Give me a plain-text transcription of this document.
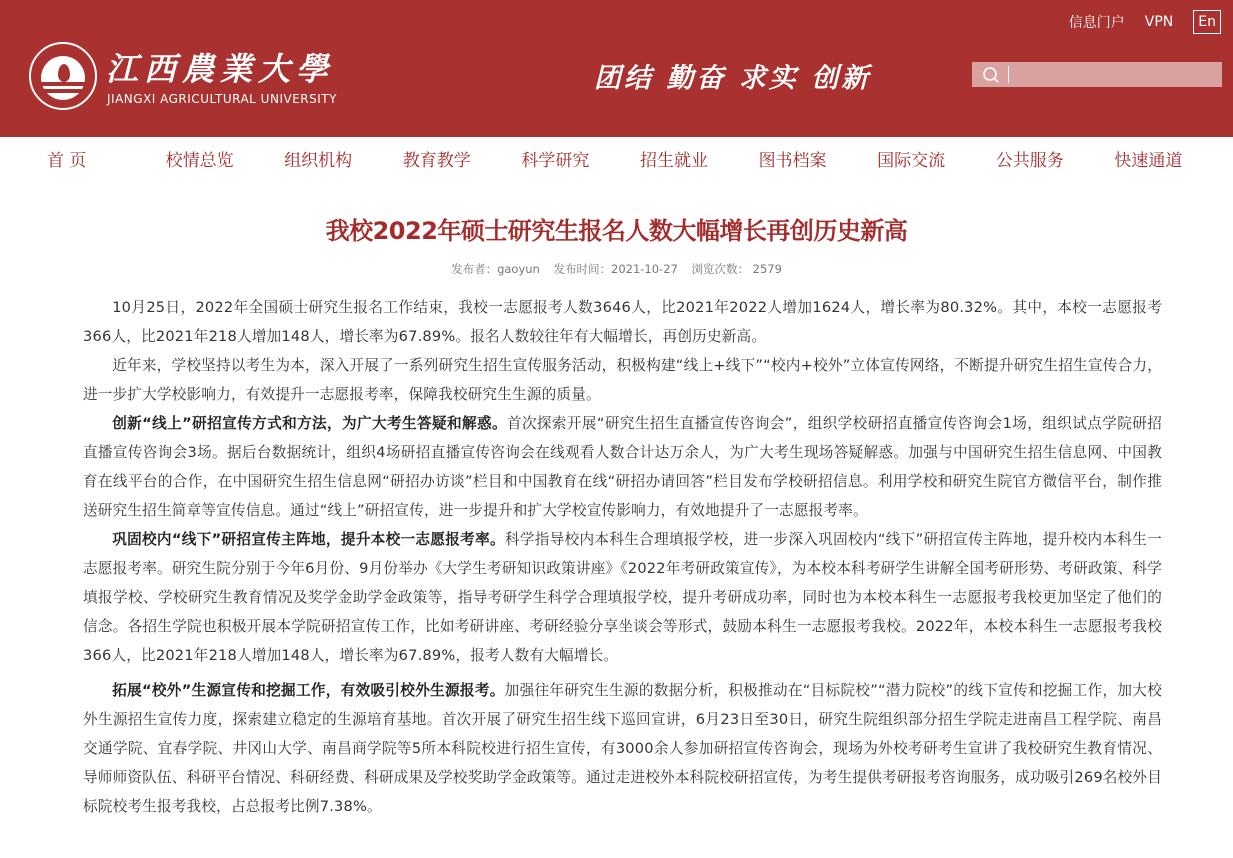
江西農業大學
JIANGXI AGRICULTURAL UNIVERSITY
团结 勤奋 求实 创新
信息门户 VPN	En
首 页	校情总览	组织机构	教育教学	科学研究	招生就业	图书档案	国际交流	公共服务	快速通道
我校2022年硕士研究生报名人数大幅增长再创历史新高
发布者：gaoyun 发布时间：2021-10-27 浏览次数： 2579

10月25日，2022年全国硕士研究生报名工作结束，我校一志愿报考人数3646人，比2021年2022人增加1624人，增长率为80.32%。其中，本校一志愿报考366人，比2021年218人增加148人，增长率为67.89%。报名人数较往年有大幅增长，再创历史新高。

近年来，学校坚持以考生为本，深入开展了一系列研究生招生宣传服务活动，积极构建“线上+线下”“校内+校外”立体宣传网络，不断提升研究生招生宣传合力，进一步扩大学校影响力，有效提升一志愿报考率，保障我校研究生生源的质量。

创新“线上”研招宣传方式和方法，为广大考生答疑和解惑。首次探索开展“研究生招生直播宣传咨询会”，组织学校研招直播宣传咨询会1场，组织试点学院研招直播宣传咨询会3场。据后台数据统计，组织4场研招直播宣传咨询会在线观看人数合计达万余人，为广大考生现场答疑解惑。加强与中国研究生招生信息网、中国教育在线平台的合作，在中国研究生招生信息网“研招办访谈”栏目和中国教育在线“研招办请回答”栏目发布学校研招信息。利用学校和研究生院官方微信平台，制作推送研究生招生简章等宣传信息。通过“线上”研招宣传，进一步提升和扩大学校宣传影响力，有效地提升了一志愿报考率。

巩固校内“线下”研招宣传主阵地，提升本校一志愿报考率。科学指导校内本科生合理填报学校，进一步深入巩固校内“线下”研招宣传主阵地，提升校内本科生一志愿报考率。研究生院分别于今年6月份、9月份举办《大学生考研知识政策讲座》《2022年考研政策宣传》，为本校本科考研学生讲解全国考研形势、考研政策、科学填报学校、学校研究生教育情况及奖学金助学金政策等，指导考研学生科学合理填报学校，提升考研成功率，同时也为本校本科生一志愿报考我校更加坚定了他们的信念。各招生学院也积极开展本学院研招宣传工作，比如考研讲座、考研经验分享坐谈会等形式，鼓励本科生一志愿报考我校。2022年，本校本科生一志愿报考我校366人，比2021年218人增加148人，增长率为67.89%，报考人数有大幅增长。

拓展“校外”生源宣传和挖掘工作，有效吸引校外生源报考。加强往年研究生生源的数据分析，积极推动在“目标院校”“潜力院校”的线下宣传和挖掘工作，加大校外生源招生宣传力度，探索建立稳定的生源培育基地。首次开展了研究生招生线下巡回宣讲，6月23日至30日，研究生院组织部分招生学院走进南昌工程学院、南昌交通学院、宜春学院、井冈山大学、南昌商学院等5所本科院校进行招生宣传，有3000余人参加研招宣传咨询会，现场为外校考研考生宣讲了我校研究生教育情况、导师师资队伍、科研平台情况、科研经费、科研成果及学校奖助学金政策等。通过走进校外本科院校研招宣传，为考生提供考研报考咨询服务，成功吸引269名校外目标院校考生报考我校，占总报考比例7.38%。
